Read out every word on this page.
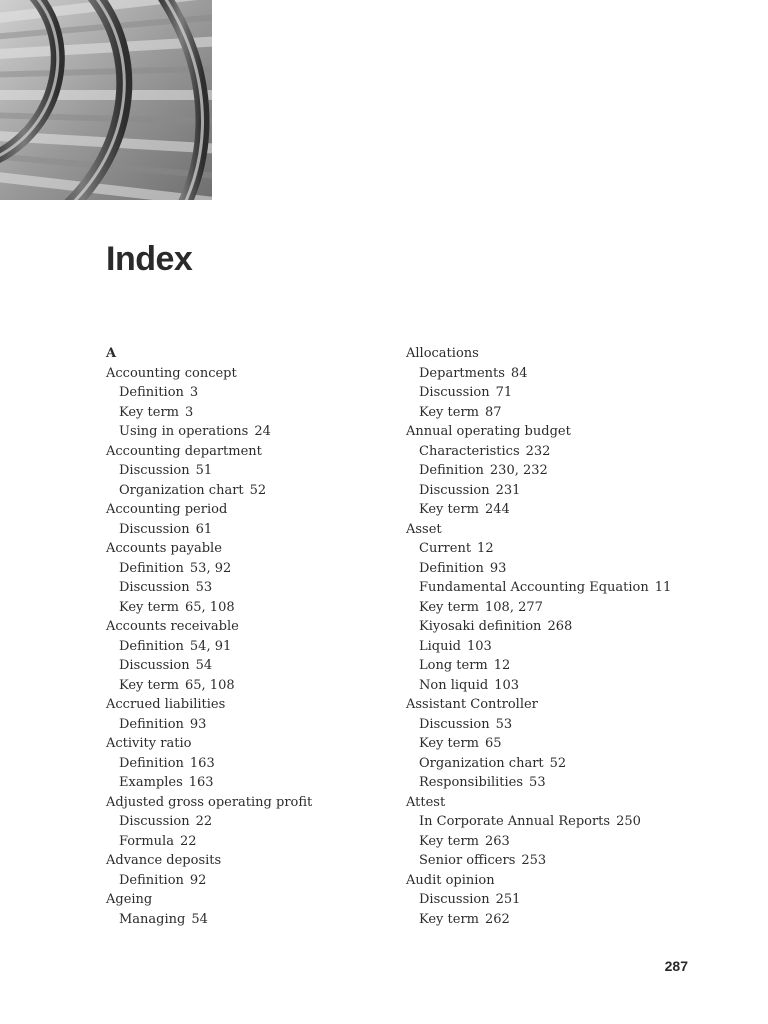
Index
A
Accounting concept
Definition 3
Key term 3
Using in operations 24
Accounting department
Discussion 51
Organization chart 52
Accounting period
Discussion 61
Accounts payable
Definition 53, 92
Discussion 53
Key term 65, 108
Accounts receivable
Definition 54, 91
Discussion 54
Key term 65, 108
Accrued liabilities
Definition 93
Activity ratio
Definition 163
Examples 163
Adjusted gross operating profit
Discussion 22
Formula 22
Advance deposits
Definition 92
Ageing
Managing 54
Allocations
Departments 84
Discussion 71
Key term 87
Annual operating budget
Characteristics 232
Definition 230, 232
Discussion 231
Key term 244
Asset
Current 12
Definition 93
Fundamental Accounting Equation 11
Key term 108, 277
Kiyosaki definition 268
Liquid 103
Long term 12
Non liquid 103
Assistant Controller
Discussion 53
Key term 65
Organization chart 52
Responsibilities 53
Attest
In Corporate Annual Reports 250
Key term 263
Senior officers 253
Audit opinion
Discussion 251
Key term 262
287
